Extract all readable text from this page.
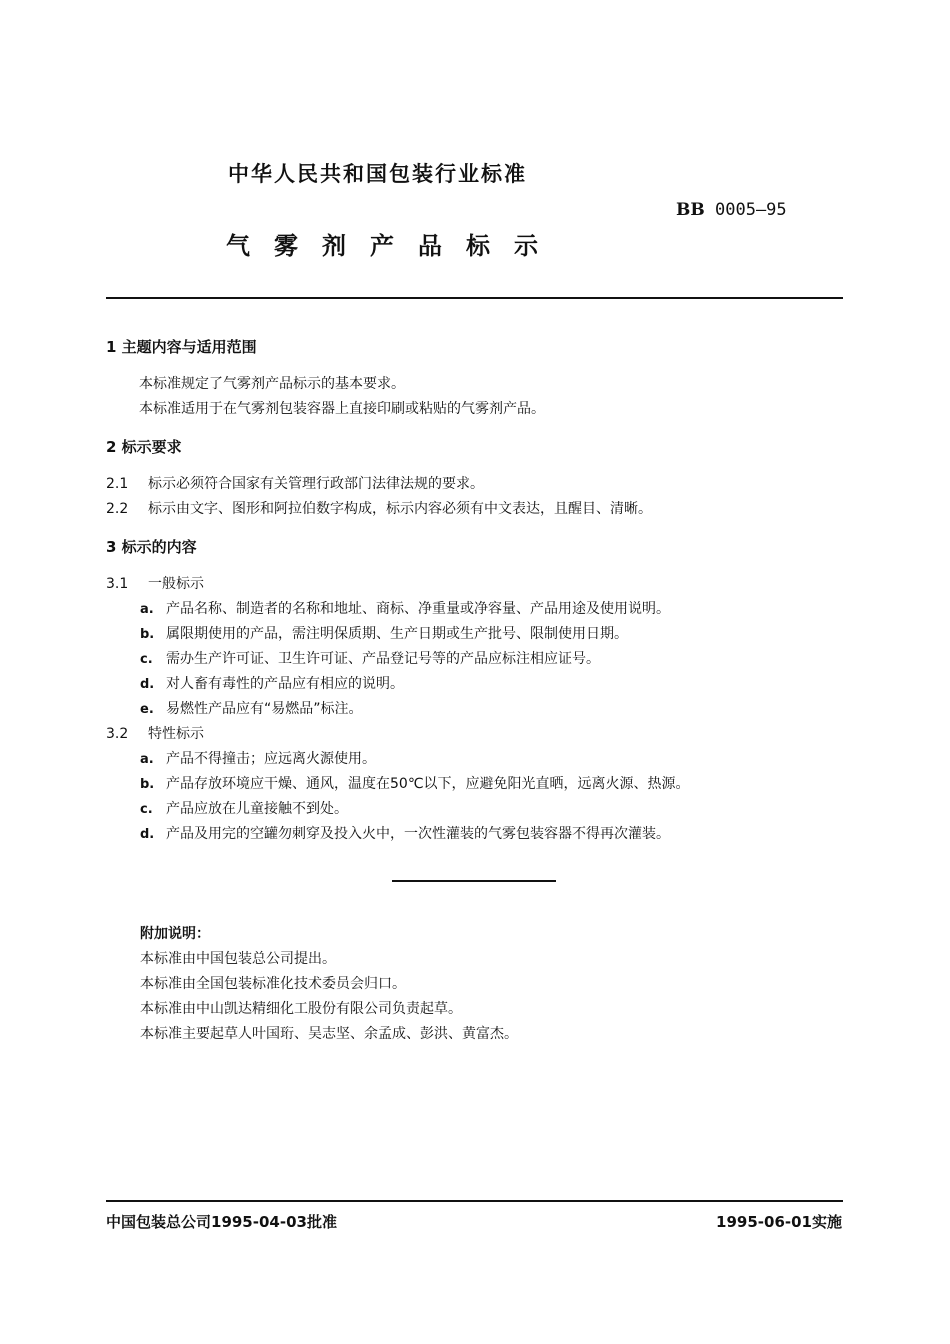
中华人民共和国包装行业标准
BB 0005—95
气雾剂产品标示
1 主题内容与适用范围
本标准规定了气雾剂产品标示的基本要求。
本标准适用于在气雾剂包装容器上直接印刷或粘贴的气雾剂产品。
2 标示要求
2.1 标示必须符合国家有关管理行政部门法律法规的要求。
2.2 标示由文字、图形和阿拉伯数字构成，标示内容必须有中文表达，且醒目、清晰。
3 标示的内容
3.1 一般标示
a. 产品名称、制造者的名称和地址、商标、净重量或净容量、产品用途及使用说明。
b. 属限期使用的产品，需注明保质期、生产日期或生产批号、限制使用日期。
c. 需办生产许可证、卫生许可证、产品登记号等的产品应标注相应证号。
d. 对人畜有毒性的产品应有相应的说明。
e. 易燃性产品应有“易燃品”标注。
3.2 特性标示
a. 产品不得撞击；应远离火源使用。
b. 产品存放环境应干燥、通风，温度在50℃以下，应避免阳光直晒，远离火源、热源。
c. 产品应放在儿童接触不到处。
d. 产品及用完的空罐勿刺穿及投入火中，一次性灌装的气雾包装容器不得再次灌装。
附加说明：
本标准由中国包装总公司提出。
本标准由全国包装标准化技术委员会归口。
本标准由中山凯达精细化工股份有限公司负责起草。
本标准主要起草人叶国珩、吴志坚、余孟成、彭洪、黄富杰。
中国包装总公司1995-04-03批准	1995-06-01实施
